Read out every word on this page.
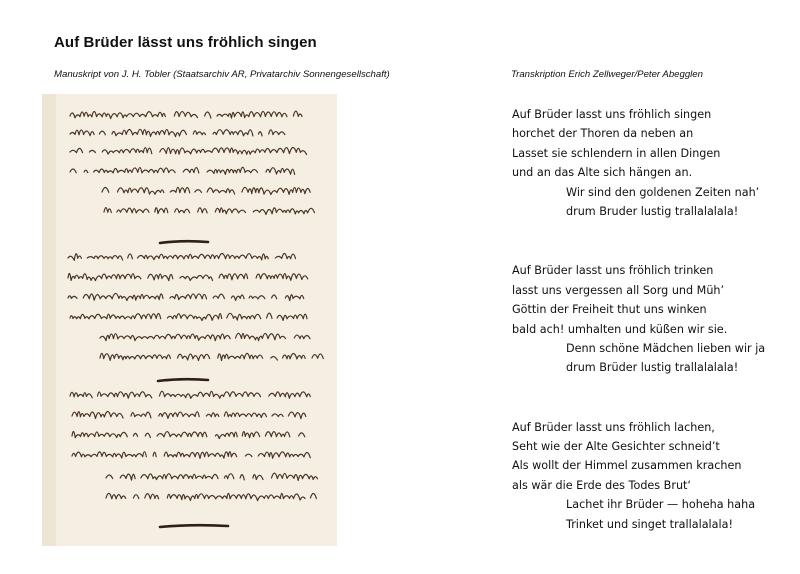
Auf Brüder lässt uns fröhlich singen
Manuskript von J. H. Tobler (Staatsarchiv AR, Privatarchiv Sonnengesellschaft)	Transkription Erich Zellweger/Peter Abegglen
Auf Brüder lasst uns fröhlich singen
horchet der Thoren da neben an
Lasset sie schlendern in allen Dingen
und an das Alte sich hängen an.
Wir sind den goldenen Zeiten nah’
drum Bruder lustig trallalalala!
Auf Brüder lasst uns fröhlich trinken
lasst uns vergessen all Sorg und Müh’
Göttin der Freiheit thut uns winken
bald ach! umhalten und küßen wir sie.
Denn schöne Mädchen lieben wir ja
drum Brüder lustig trallalalala!
Auf Brüder lasst uns fröhlich lachen,
Seht wie der Alte Gesichter schneid’t
Als wollt der Himmel zusammen krachen
als wär die Erde des Todes Brut‘
Lachet ihr Brüder — hoheha haha
Trinket und singet trallalalala!
